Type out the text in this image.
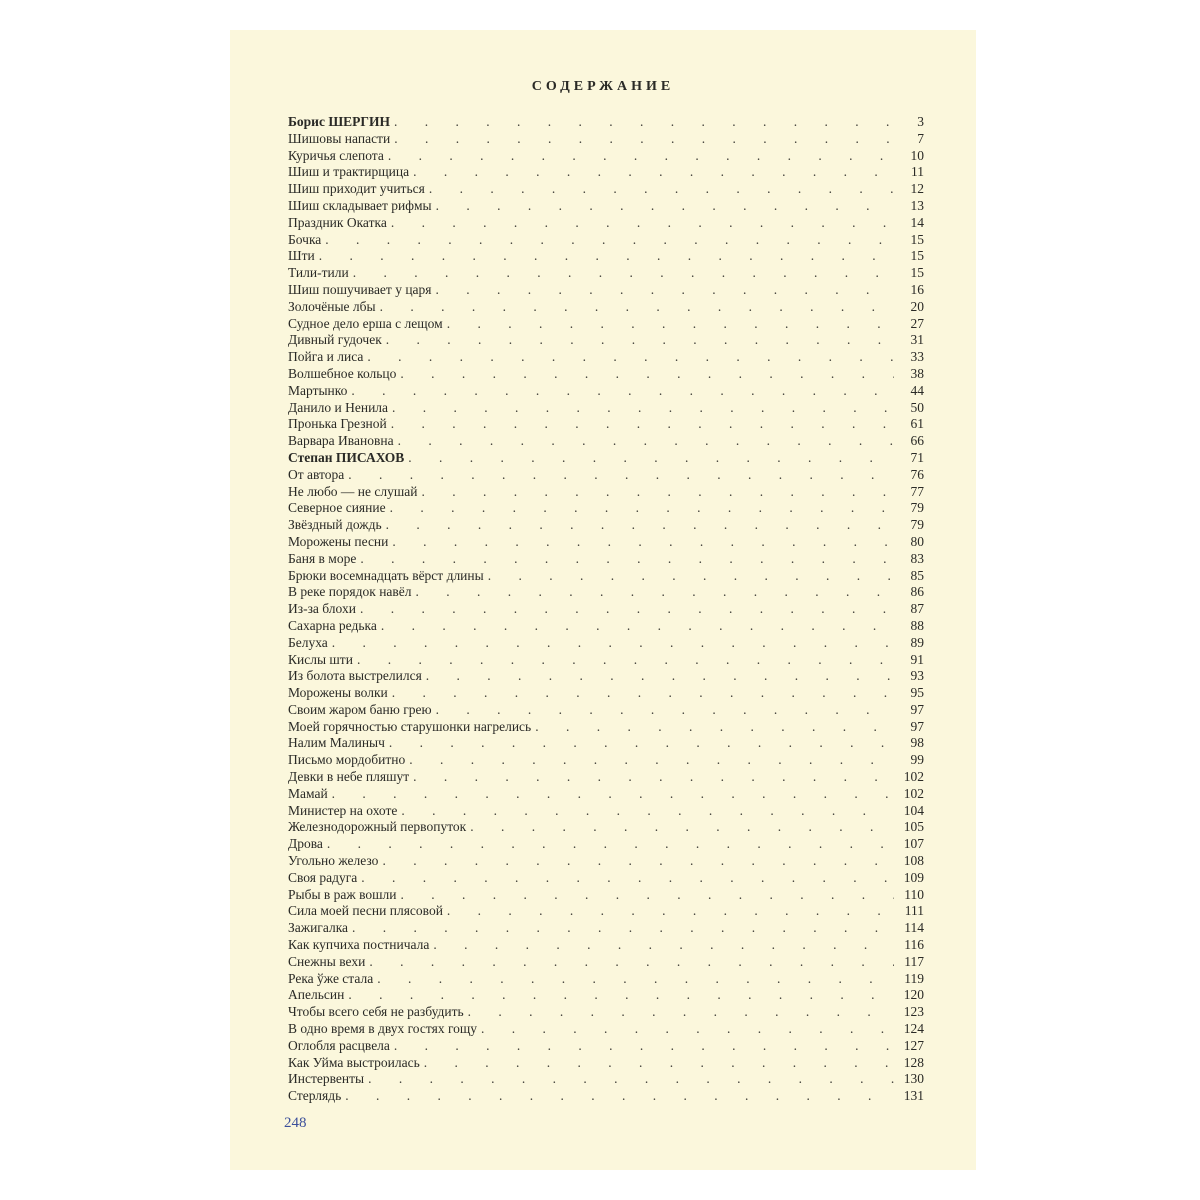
СОДЕРЖАНИЕ
Борис ШЕРГИН . . .	3
Шишовы напасти . . .	7
Куричья слепота . . .	10
Шиш и трактирщица . . .	11
Шиш приходит учиться . . .	12
Шиш складывает рифмы . . .	13
Праздник Окатка . . .	14
Бочка . . .	15
Шти . . .	15
Тили-тили . . .	15
Шиш пошучивает у царя . . .	16
Золочёные лбы . . .	20
Судное дело ерша с лещом . . .	27
Дивный гудочек . . .	31
Пойга и лиса . . .	33
Волшебное кольцо . . .	38
Мартынко . . .	44
Данило и Ненила . . .	50
Пронька Грезной . . .	61
Варвара Ивановна . . .	66
Степан ПИСАХОВ . . .	71
От автора . . .	76
Не любо — не слушай . . .	77
Северное сияние . . .	79
Звёздный дождь . . .	79
Морожены песни . . .	80
Баня в море . . .	83
Брюки восемнадцать вёрст длины . . .	85
В реке порядок навёл . . .	86
Из-за блохи . . .	87
Сахарна редька . . .	88
Белуха . . .	89
Кислы шти . . .	91
Из болота выстрелился . . .	93
Морожены волки . . .	95
Своим жаром баню грею . . .	97
Моей горячностью старушонки нагрелись . . .	97
Налим Малиныч . . .	98
Письмо мордобитно . . .	99
Девки в небе пляшут . . .	102
Мамай . . .	102
Министер на охоте . . .	104
Железнодорожный первопуток . . .	105
Дрова . . .	107
Угольно железо . . .	108
Своя радуга . . .	109
Рыбы в раж вошли . . .	110
Сила моей песни плясовой . . .	111
Зажигалка . . .	114
Как купчиха постничала . . .	116
Снежны вехи . . .	117
Река ўже стала . . .	119
Апельсин . . .	120
Чтобы всего себя не разбудить . . .	123
В одно время в двух гостях гощу . . .	124
Оглобля расцвела . . .	127
Как Уйма выстроилась . . .	128
Инстервенты . . .	130
Стерлядь . . .	131
248
